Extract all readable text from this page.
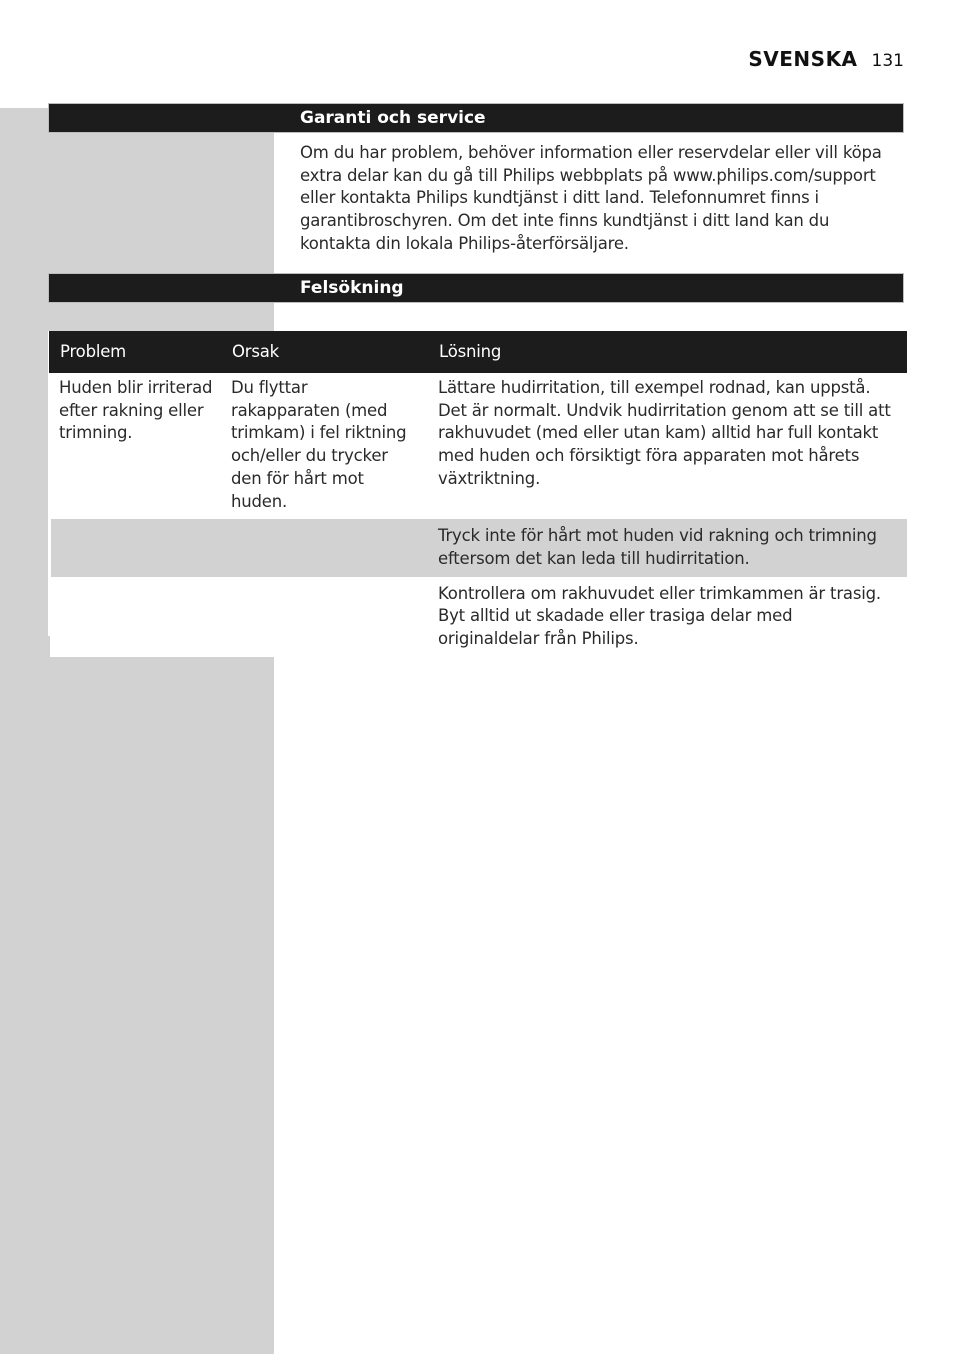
SVENSKA 131
Garanti och service
Om du har problem, behöver information eller reservdelar eller vill köpa extra delar kan du gå till Philips webbplats på www.philips.com/support eller kontakta Philips kundtjänst i ditt land. Telefonnumret finns i garantibroschyren. Om det inte finns kundtjänst i ditt land kan du kontakta din lokala Philips-återförsäljare.
Felsökning
Problem	Orsak	Lösning
Huden blir irriterad efter rakning eller trimning.	Du flyttar rakapparaten (med trimkam) i fel riktning och/eller du trycker den för hårt mot huden.	Lättare hudirritation, till exempel rodnad, kan uppstå. Det är normalt. Undvik hudirritation genom att se till att rakhuvudet (med eller utan kam) alltid har full kontakt med huden och försiktigt föra apparaten mot hårets växtriktning.
		Tryck inte för hårt mot huden vid rakning och trimning eftersom det kan leda till hudirritation.
		Kontrollera om rakhuvudet eller trimkammen är trasig. Byt alltid ut skadade eller trasiga delar med originaldelar från Philips.
